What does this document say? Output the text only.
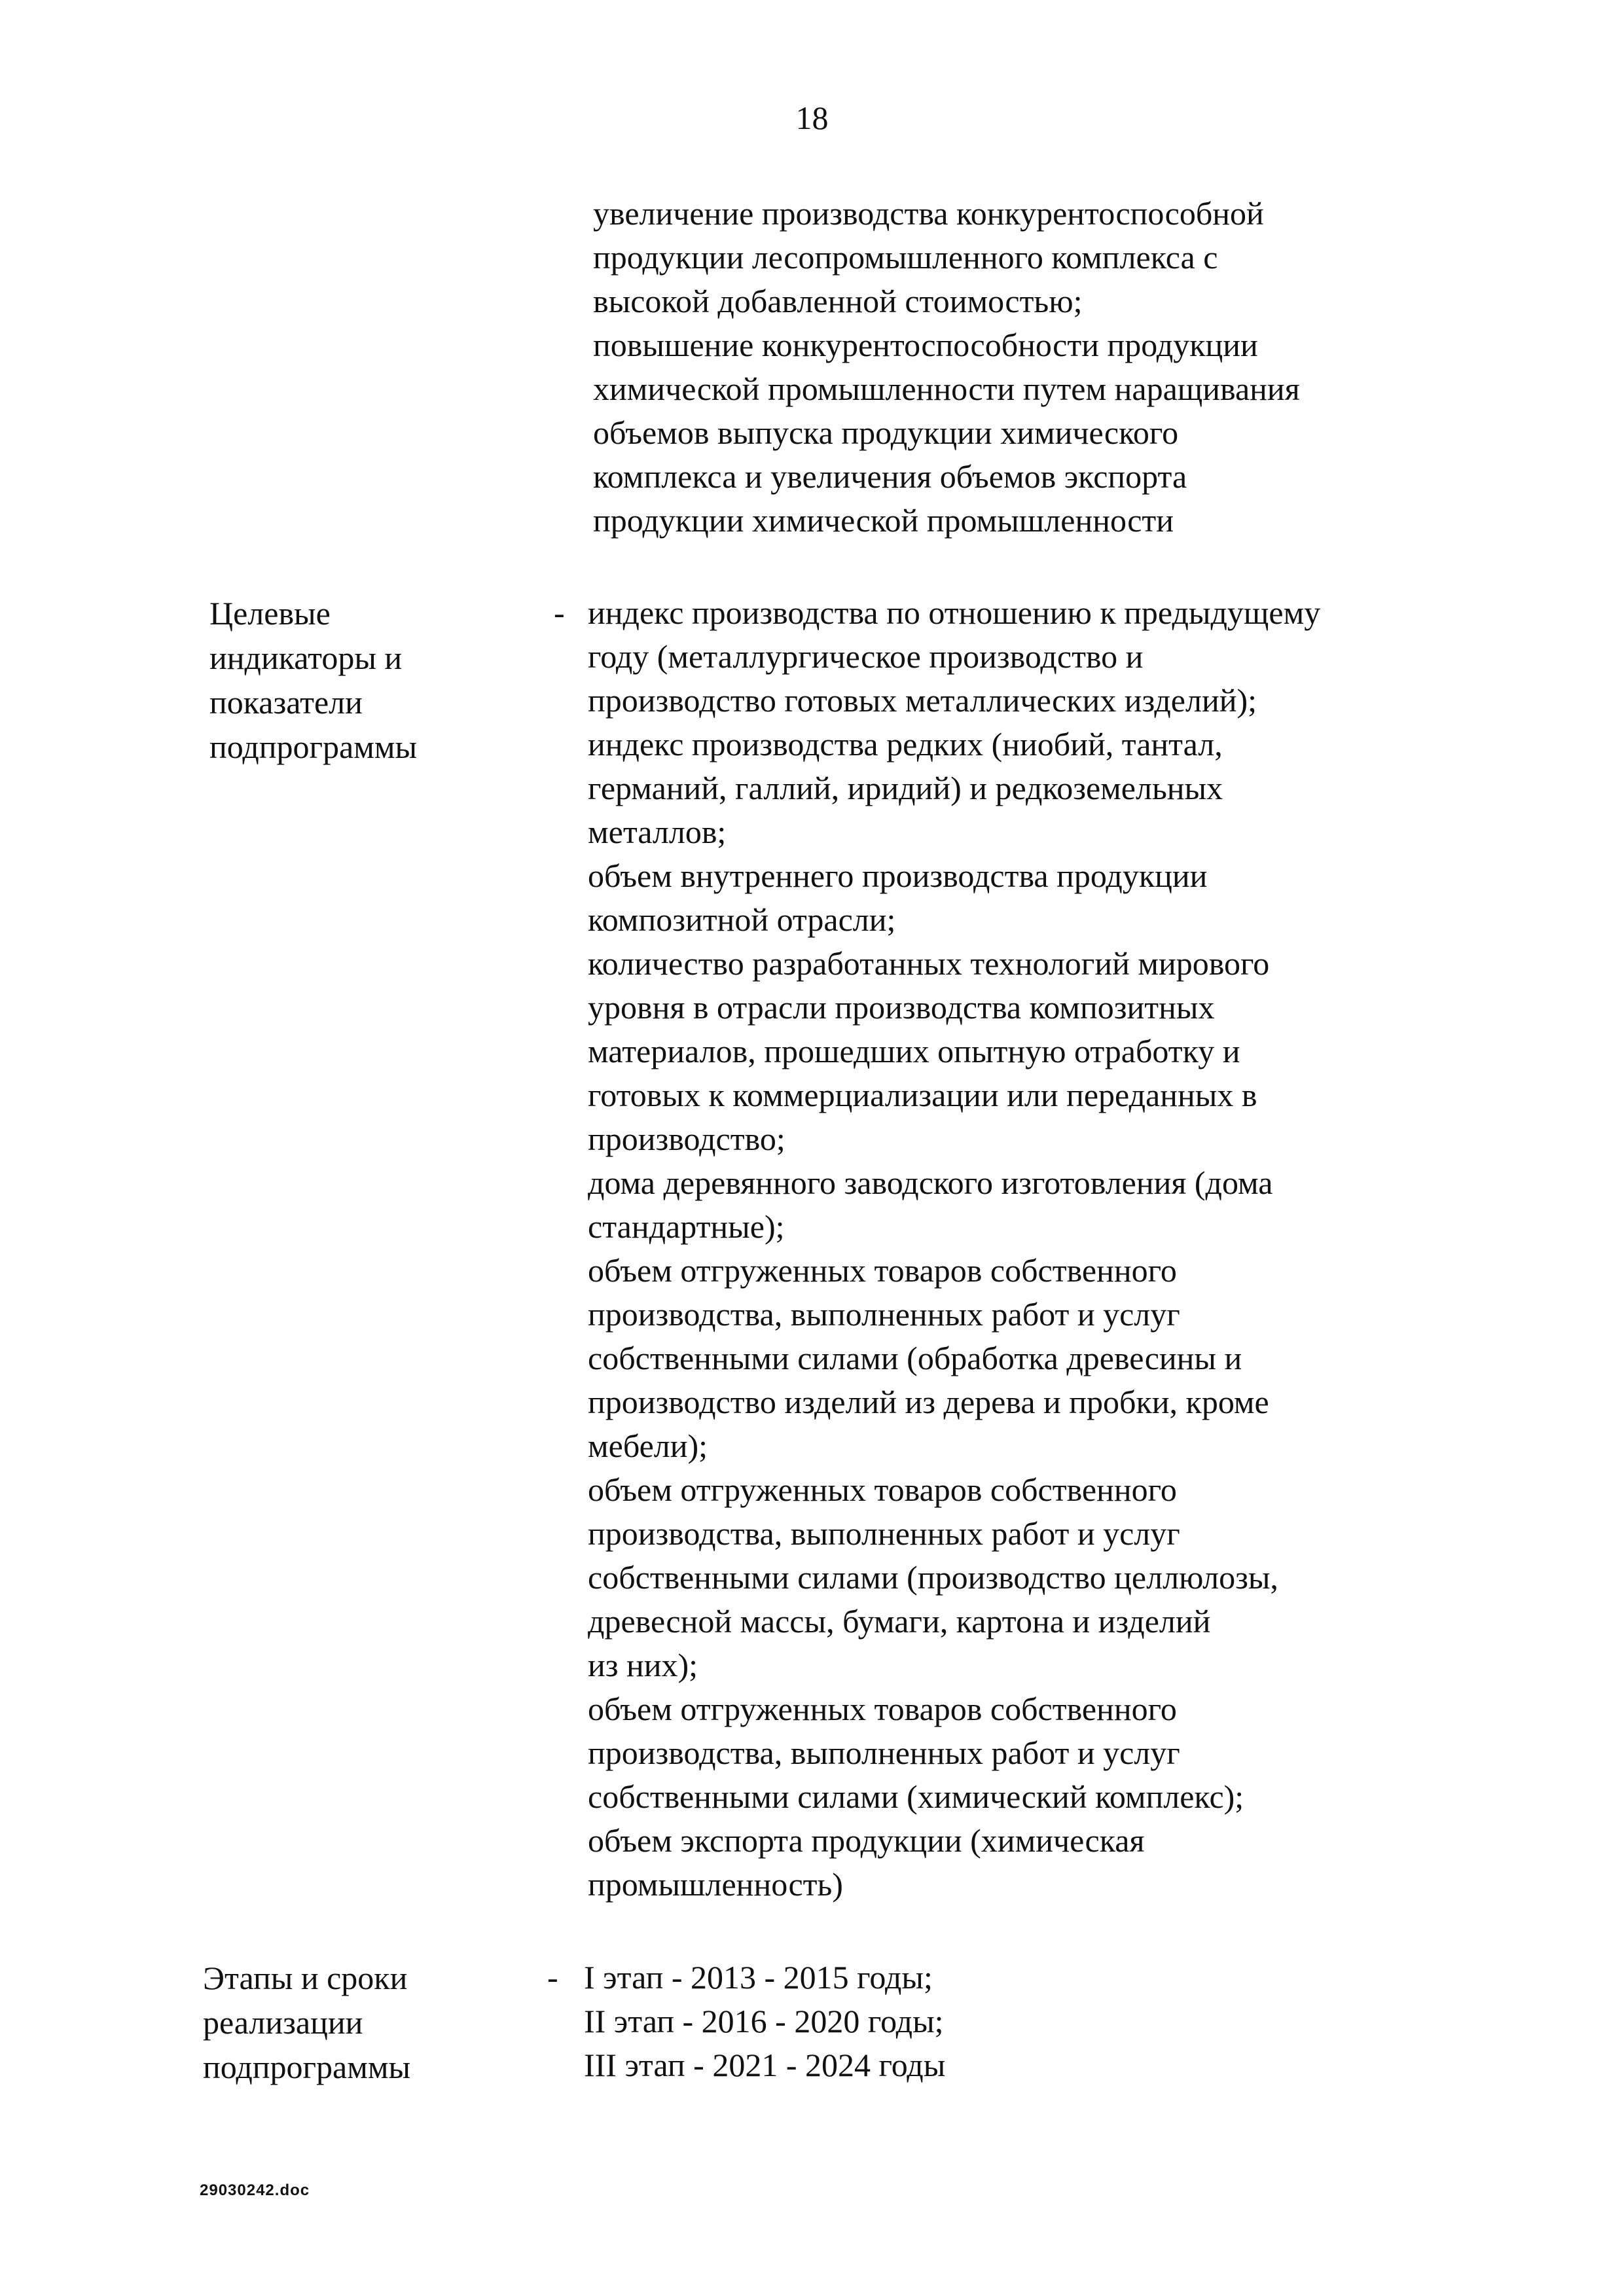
18
увеличение производства конкурентоспособной
продукции лесопромышленного комплекса с
высокой добавленной стоимостью;
повышение конкурентоспособности продукции
химической промышленности путем наращивания
объемов выпуска продукции химического
комплекса и увеличения объемов экспорта
продукции химической промышленности
Целевые
индикаторы и
показатели
подпрограммы
- индекс производства по отношению к предыдущему
году (металлургическое производство и
производство готовых металлических изделий);
индекс производства редких (ниобий, тантал,
германий, галлий, иридий) и редкоземельных
металлов;
объем внутреннего производства продукции
композитной отрасли;
количество разработанных технологий мирового
уровня в отрасли производства композитных
материалов, прошедших опытную отработку и
готовых к коммерциализации или переданных в
производство;
дома деревянного заводского изготовления (дома
стандартные);
объем отгруженных товаров собственного
производства, выполненных работ и услуг
собственными силами (обработка древесины и
производство изделий из дерева и пробки, кроме
мебели);
объем отгруженных товаров собственного
производства, выполненных работ и услуг
собственными силами (производство целлюлозы,
древесной массы, бумаги, картона и изделий
из них);
объем отгруженных товаров собственного
производства, выполненных работ и услуг
собственными силами (химический комплекс);
объем экспорта продукции (химическая
промышленность)
Этапы и сроки
реализации
подпрограммы
- I этап - 2013 - 2015 годы;
II этап - 2016 - 2020 годы;
III этап - 2021 - 2024 годы
29030242.doc
